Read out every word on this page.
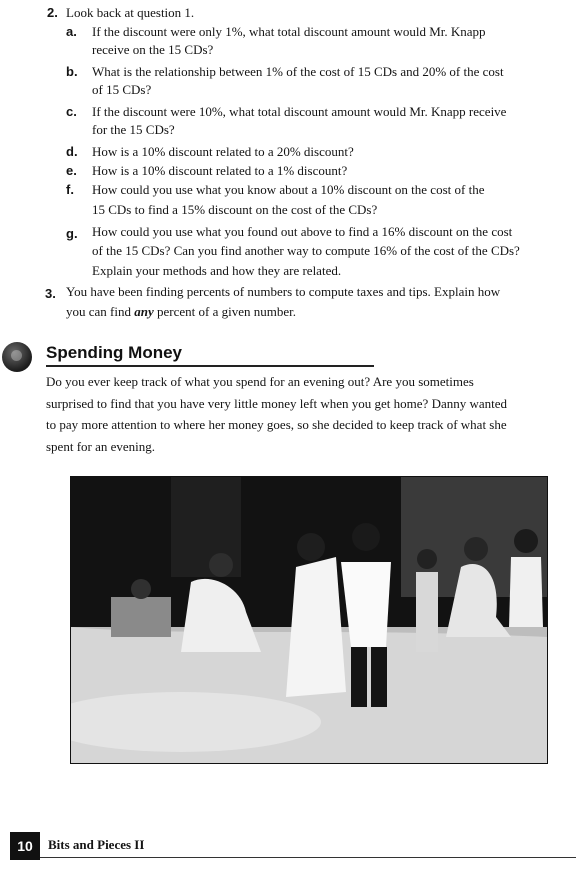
2. Look back at question 1.
a. If the discount were only 1%, what total discount amount would Mr. Knapp
receive on the 15 CDs?
b. What is the relationship between 1% of the cost of 15 CDs and 20% of the cost
of 15 CDs?
c. If the discount were 10%, what total discount amount would Mr. Knapp receive
for the 15 CDs?
d. How is a 10% discount related to a 20% discount?
e. How is a 10% discount related to a 1% discount?
f. How could you use what you know about a 10% discount on the cost of the
15 CDs to find a 15% discount on the cost of the CDs?
g. How could you use what you found out above to find a 16% discount on the cost
of the 15 CDs? Can you find another way to compute 16% of the cost of the CDs?
Explain your methods and how they are related.
3. You have been finding percents of numbers to compute taxes and tips. Explain how
you can find any percent of a given number.
Spending Money
Do you ever keep track of what you spend for an evening out? Are you sometimes
surprised to find that you have very little money left when you get home? Danny wanted
to pay more attention to where her money goes, so she decided to keep track of what she
spent for an evening.
10	Bits and Pieces II
